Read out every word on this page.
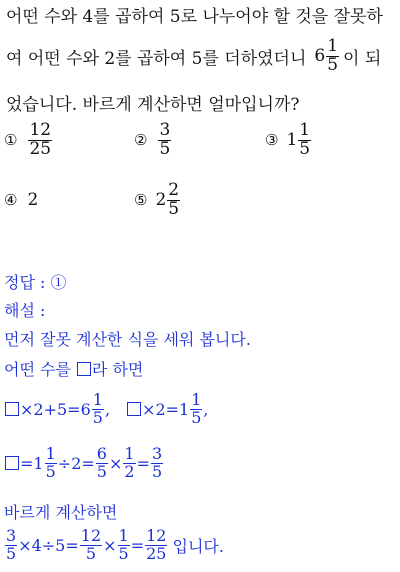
어떤 수와 4를 곱하여 5로 나누어야 할 것을 잘못하
여 어떤 수와 2를 곱하여 5를 더하였더니 $6 \frac{1}{5}$ 이 되
었습니다. 바르게 계산하면 얼마입니까?
① $\frac{12}{25}$	② $\frac{3}{5}$	③ $1 \frac{1}{5}$
④ 2	⑤ $2 \frac{2}{5}$
정답 : ①
해설 :
먼저 잘못 계산한 식을 세워 봅니다.
어떤 수를 라 하면
$\times 2+5=6 \frac{1}{5}$ , $\times 2=1 \frac{1}{5}$ ,
$=1 \frac{1}{5} \div 2= \frac{6}{5} \times \frac{1}{2} = \frac{3}{5}$
바르게 계산하면
$\frac{3}{5} \times 4\div 5= \frac{12}{5} \times \frac{1}{5} = \frac{12}{25}$ 입니다.
